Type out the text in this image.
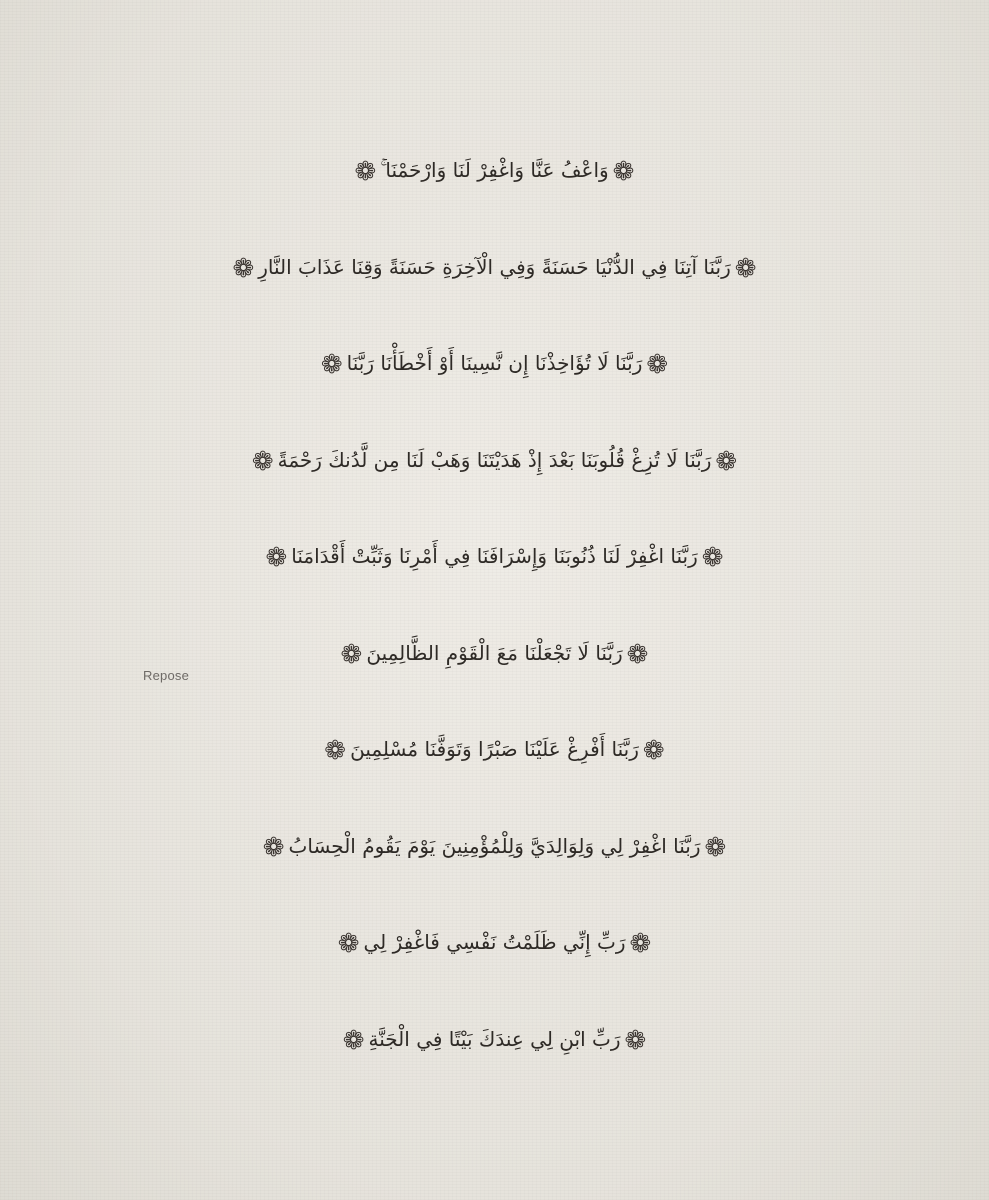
❁
وَاعْفُ عَنَّا وَاغْفِرْ لَنَا وَارْحَمْنَا ۚ
❁
❁
رَبَّنَا آتِنَا فِي الدُّنْيَا حَسَنَةً وَفِي الْآخِرَةِ حَسَنَةً وَقِنَا عَذَابَ النَّارِ
❁
❁
رَبَّنَا لَا تُؤَاخِذْنَا إِن نَّسِينَا أَوْ أَخْطَأْنَا رَبَّنَا
❁
❁
رَبَّنَا لَا تُزِغْ قُلُوبَنَا بَعْدَ إِذْ هَدَيْتَنَا وَهَبْ لَنَا مِن لَّدُنكَ رَحْمَةً
❁
❁
رَبَّنَا اغْفِرْ لَنَا ذُنُوبَنَا وَإِسْرَافَنَا فِي أَمْرِنَا وَثَبِّتْ أَقْدَامَنَا
❁
❁
رَبَّنَا لَا تَجْعَلْنَا مَعَ الْقَوْمِ الظَّالِمِينَ
❁
❁
رَبَّنَا أَفْرِغْ عَلَيْنَا صَبْرًا وَتَوَفَّنَا مُسْلِمِينَ
❁
❁
رَبَّنَا اغْفِرْ لِي وَلِوَالِدَيَّ وَلِلْمُؤْمِنِينَ يَوْمَ يَقُومُ الْحِسَابُ
❁
❁
رَبِّ إِنِّي ظَلَمْتُ نَفْسِي فَاغْفِرْ لِي
❁
❁
رَبِّ ابْنِ لِي عِندَكَ بَيْتًا فِي الْجَنَّةِ
❁
Repose
